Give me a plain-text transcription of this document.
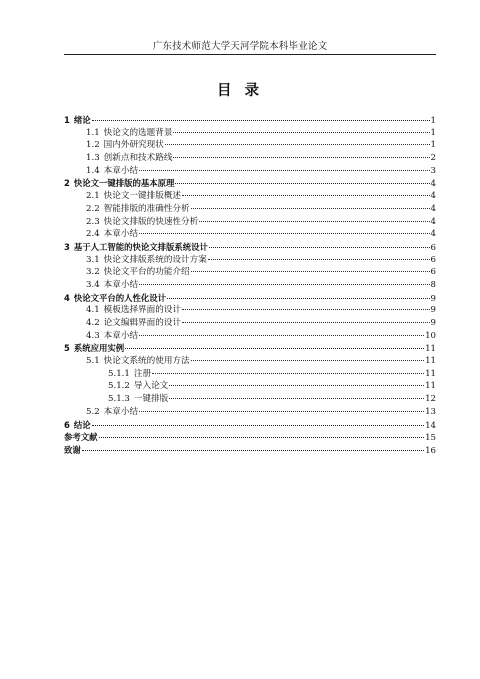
广东技术师范大学天河学院本科毕业论文
目 录
1 绪论	1
1.1 快论文的选题背景	1
1.2 国内外研究现状	1
1.3 创新点和技术路线	2
1.4 本章小结	3
2 快论文一键排版的基本原理	4
2.1 快论文一键排版概述	4
2.2 智能排版的准确性分析	4
2.3 快论文排版的快速性分析	4
2.4 本章小结	4
3 基于人工智能的快论文排版系统设计	6
3.1 快论文排版系统的设计方案	6
3.2 快论文平台的功能介绍	6
3.4 本章小结	8
4 快论文平台的人性化设计	9
4.1 模板选择界面的设计	9
4.2 论文编辑界面的设计	9
4.3 本章小结	10
5 系统应用实例	11
5.1 快论文系统的使用方法	11
5.1.1 注册	11
5.1.2 导入论文	11
5.1.3 一键排版	12
5.2 本章小结	13
6 结论	14
参考文献	15
致谢	16
